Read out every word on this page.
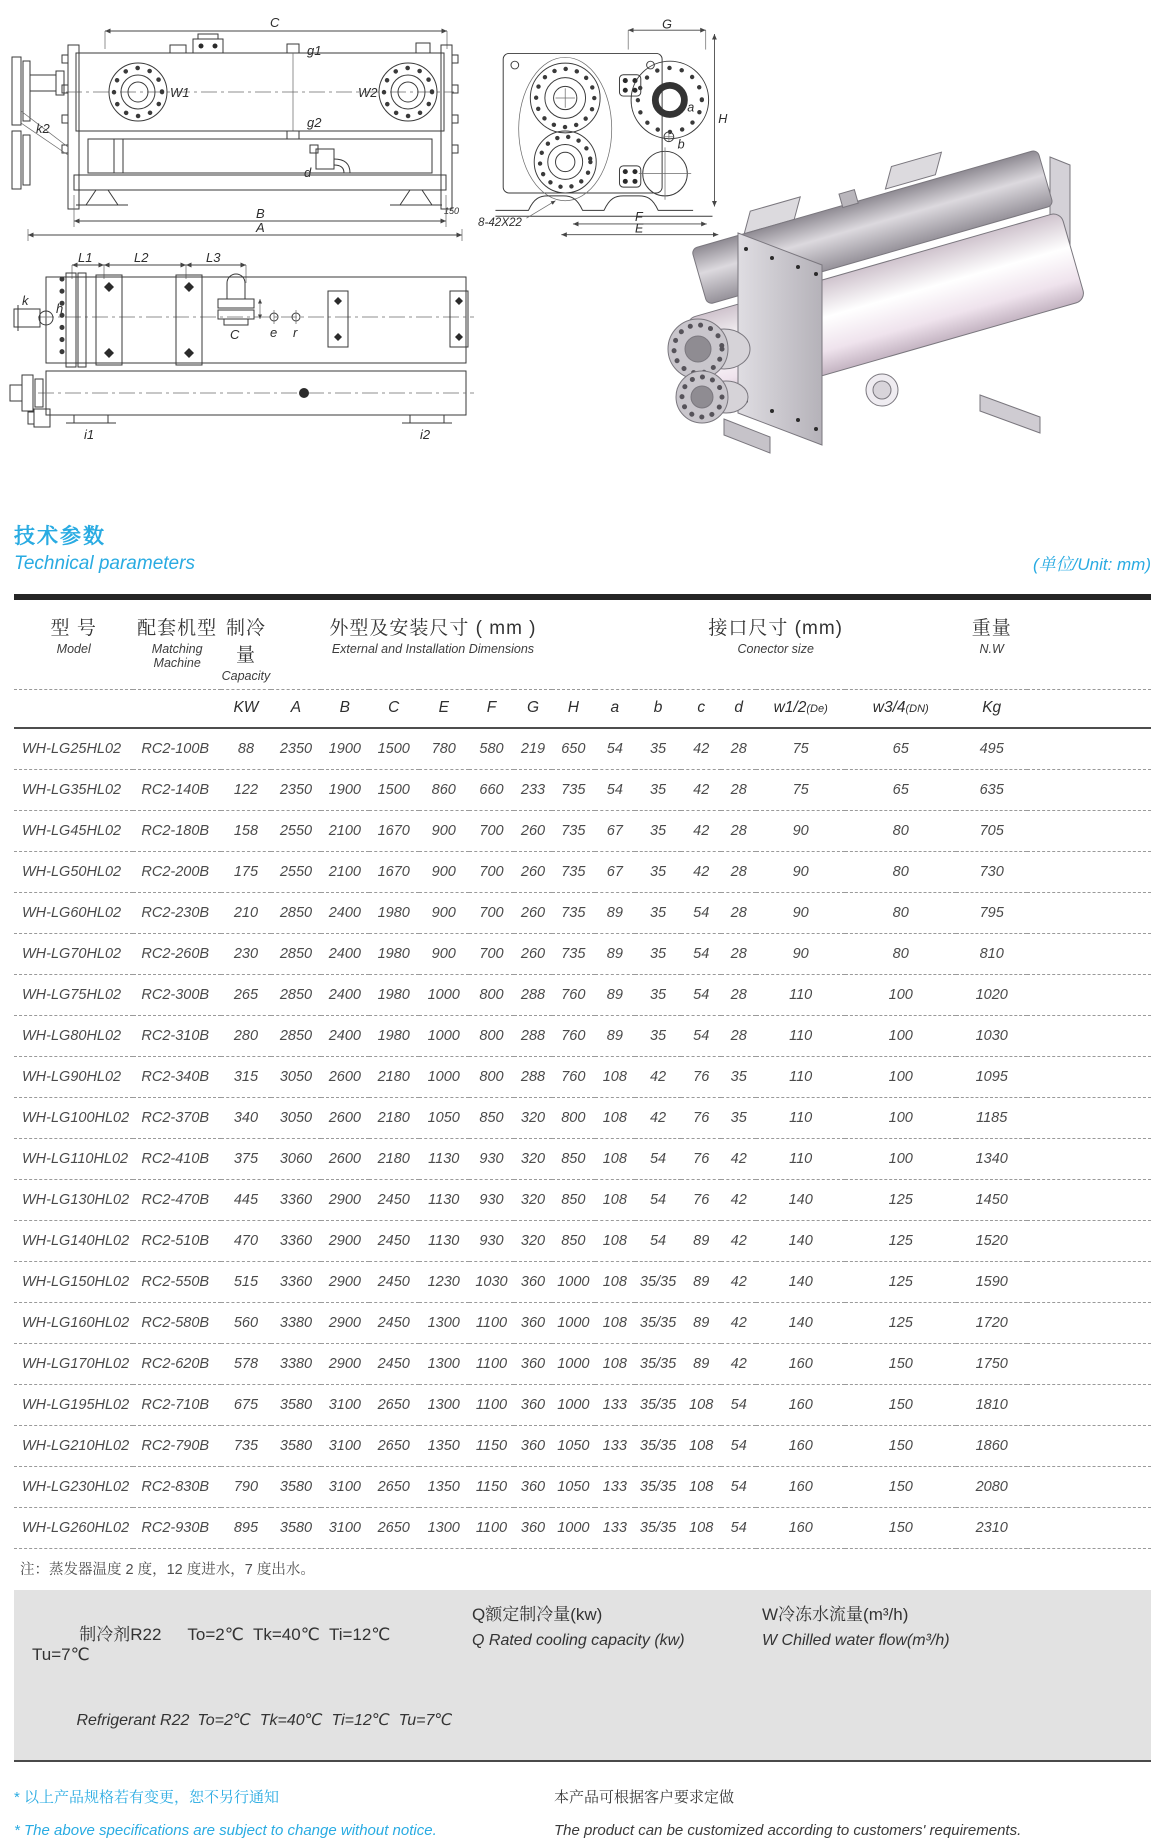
C
W1	W2
g1
g2
d
150
k2
B
A
G
a
b
H
F
E
8-42X22
L1	L2	L3
k
h
C e r
i1	i2
技术参数
Technical parameters	(单位/Unit: mm)
型 号
Model

配套机型
Matching Machine

制冷量
Capacity

外型及安装尺寸 ( mm )
External and Installation Dimensions

接口尺寸 (mm)
Conector size

重量
N.W

		KW	A	B	C	E	F	G	H	a	b	c	d	w1/2(De)	w3/4(DN)	Kg	
WH-LG25HL02	RC2-100B	88	2350	1900	1500	780	580	219	650	54	35	42	28	75	65	495	
WH-LG35HL02	RC2-140B	122	2350	1900	1500	860	660	233	735	54	35	42	28	75	65	635	
WH-LG45HL02	RC2-180B	158	2550	2100	1670	900	700	260	735	67	35	42	28	90	80	705	
WH-LG50HL02	RC2-200B	175	2550	2100	1670	900	700	260	735	67	35	42	28	90	80	730	
WH-LG60HL02	RC2-230B	210	2850	2400	1980	900	700	260	735	89	35	54	28	90	80	795	
WH-LG70HL02	RC2-260B	230	2850	2400	1980	900	700	260	735	89	35	54	28	90	80	810	
WH-LG75HL02	RC2-300B	265	2850	2400	1980	1000	800	288	760	89	35	54	28	110	100	1020	
WH-LG80HL02	RC2-310B	280	2850	2400	1980	1000	800	288	760	89	35	54	28	110	100	1030	
WH-LG90HL02	RC2-340B	315	3050	2600	2180	1000	800	288	760	108	42	76	35	110	100	1095	
WH-LG100HL02	RC2-370B	340	3050	2600	2180	1050	850	320	800	108	42	76	35	110	100	1185	
WH-LG110HL02	RC2-410B	375	3060	2600	2180	1130	930	320	850	108	54	76	42	110	100	1340	
WH-LG130HL02	RC2-470B	445	3360	2900	2450	1130	930	320	850	108	54	76	42	140	125	1450	
WH-LG140HL02	RC2-510B	470	3360	2900	2450	1130	930	320	850	108	54	89	42	140	125	1520	
WH-LG150HL02	RC2-550B	515	3360	2900	2450	1230	1030	360	1000	108	35/35	89	42	140	125	1590	
WH-LG160HL02	RC2-580B	560	3380	2900	2450	1300	1100	360	1000	108	35/35	89	42	140	125	1720	
WH-LG170HL02	RC2-620B	578	3380	2900	2450	1300	1100	360	1000	108	35/35	89	42	160	150	1750	
WH-LG195HL02	RC2-710B	675	3580	3100	2650	1300	1100	360	1000	133	35/35	108	54	160	150	1810	
WH-LG210HL02	RC2-790B	735	3580	3100	2650	1350	1150	360	1050	133	35/35	108	54	160	150	1860	
WH-LG230HL02	RC2-830B	790	3580	3100	2650	1350	1150	360	1050	133	35/35	108	54	160	150	2080	
WH-LG260HL02	RC2-930B	895	3580	3100	2650	1300	1100	360	1000	133	35/35	108	54	160	150	2310	
注：蒸发器温度 2 度，12 度进水，7 度出水。

制冷剂R22 To=2℃  Tk=40℃  Ti=12℃  Tu=7℃

Refrigerant R22 To=2℃  Tk=40℃  Ti=12℃  Tu=7℃

Q额定制冷量(kw)
Q Rated cooling capacity (kw)
W冷冻水流量(m³/h)
W Chilled water flow(m³/h)

* 以上产品规格若有变更，恕不另行通知

* The above specifications are subject to change without notice.

本产品可根据客户要求定做

The product can be customized according to customers' requirements.
